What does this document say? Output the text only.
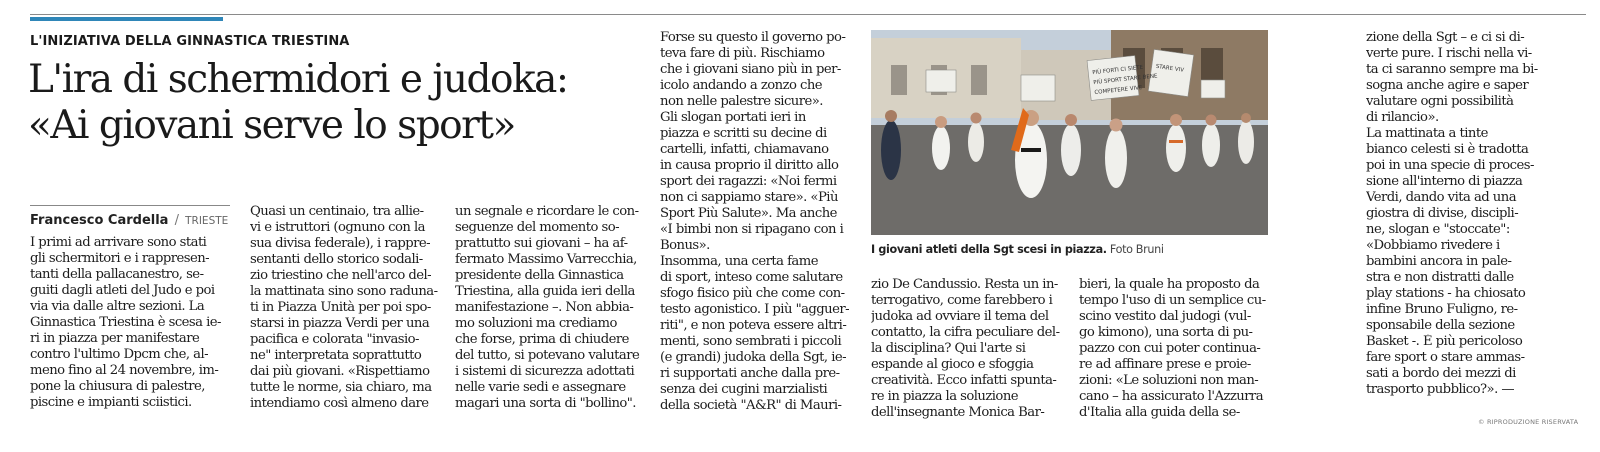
L'INIZIATIVA DELLA GINNASTICA TRIESTINA
L'ira di schermidori e judoka:
«Ai giovani serve lo sport»
Francesco Cardella / TRIESTE
I primi ad arrivare sono stati
gli schermitori e i rappresen-
tanti della pallacanestro, se-
guiti dagli atleti del Judo e poi
via via dalle altre sezioni. La
Ginnastica Triestina è scesa ie-
ri in piazza per manifestare
contro l'ultimo Dpcm che, al-
meno fino al 24 novembre, im-
pone la chiusura di palestre,
piscine e impianti sciistici.
Quasi un centinaio, tra allie-
vi e istruttori (ognuno con la
sua divisa federale), i rappre-
sentanti dello storico sodali-
zio triestino che nell'arco del-
la mattinata sino sono raduna-
ti in Piazza Unità per poi spo-
starsi in piazza Verdi per una
pacifica e colorata "invasio-
ne" interpretata soprattutto
dai più giovani. «Rispettiamo
tutte le norme, sia chiaro, ma
intendiamo così almeno dare
un segnale e ricordare le con-
seguenze del momento so-
prattutto sui giovani – ha af-
fermato Massimo Varrecchia,
presidente della Ginnastica
Triestina, alla guida ieri della
manifestazione –. Non abbia-
mo soluzioni ma crediamo
che forse, prima di chiudere
del tutto, si potevano valutare
i sistemi di sicurezza adottati
nelle varie sedi e assegnare
magari una sorta di "bollino".
Forse su questo il governo po-
teva fare di più. Rischiamo
che i giovani siano più in per-
icolo andando a zonzo che
non nelle palestre sicure».
Gli slogan portati ieri in
piazza e scritti su decine di
cartelli, infatti, chiamavano
in causa proprio il diritto allo
sport dei ragazzi: «Noi fermi
non ci sappiamo stare». «Più
Sport Più Salute». Ma anche
«I bimbi non si ripagano con i
Bonus».
Insomma, una certa fame
di sport, inteso come salutare
sfogo fisico più che come con-
testo agonistico. I più "agguer-
riti", e non poteva essere altri-
menti, sono sembrati i piccoli
(e grandi) judoka della Sgt, ie-
ri supportati anche dalla pre-
senza dei cugini marzialisti
della società "A&R" di Mauri-
zio De Candussio. Resta un in-
terrogativo, come farebbero i
judoka ad ovviare il tema del
contatto, la cifra peculiare del-
la disciplina? Qui l'arte si
espande al gioco e sfoggia
creatività. Ecco infatti spunta-
re in piazza la soluzione
dell'insegnante Monica Bar-
bieri, la quale ha proposto da
tempo l'uso di un semplice cu-
scino vestito dal judogi (vul-
go kimono), una sorta di pu-
pazzo con cui poter continua-
re ad affinare prese e proie-
zioni: «Le soluzioni non man-
cano – ha assicurato l'Azzurra
d'Italia alla guida della se-
zione della Sgt – e ci si di-
verte pure. I rischi nella vi-
ta ci saranno sempre ma bi-
sogna anche agire e saper
valutare ogni possibilità
di rilancio».
La mattinata a tinte
bianco celesti si è tradotta
poi in una specie di proces-
sione all'interno di piazza
Verdi, dando vita ad una
giostra di divise, discipli-
ne, slogan e "stoccate":
«Dobbiamo rivedere i
bambini ancora in pale-
stra e non distratti dalle
play stations - ha chiosato
infine Bruno Fuligno, re-
sponsabile della sezione
Basket -. È più pericoloso
fare sport o stare ammas-
sati a bordo dei mezzi di
trasporto pubblico?». —
PIÙ FORTI CI SIETE
PIÙ SPORT STARE BENE
COMPETERE VIVE
STARE VIV
I giovani atleti della Sgt scesi in piazza. Foto Bruni
© RIPRODUZIONE RISERVATA
